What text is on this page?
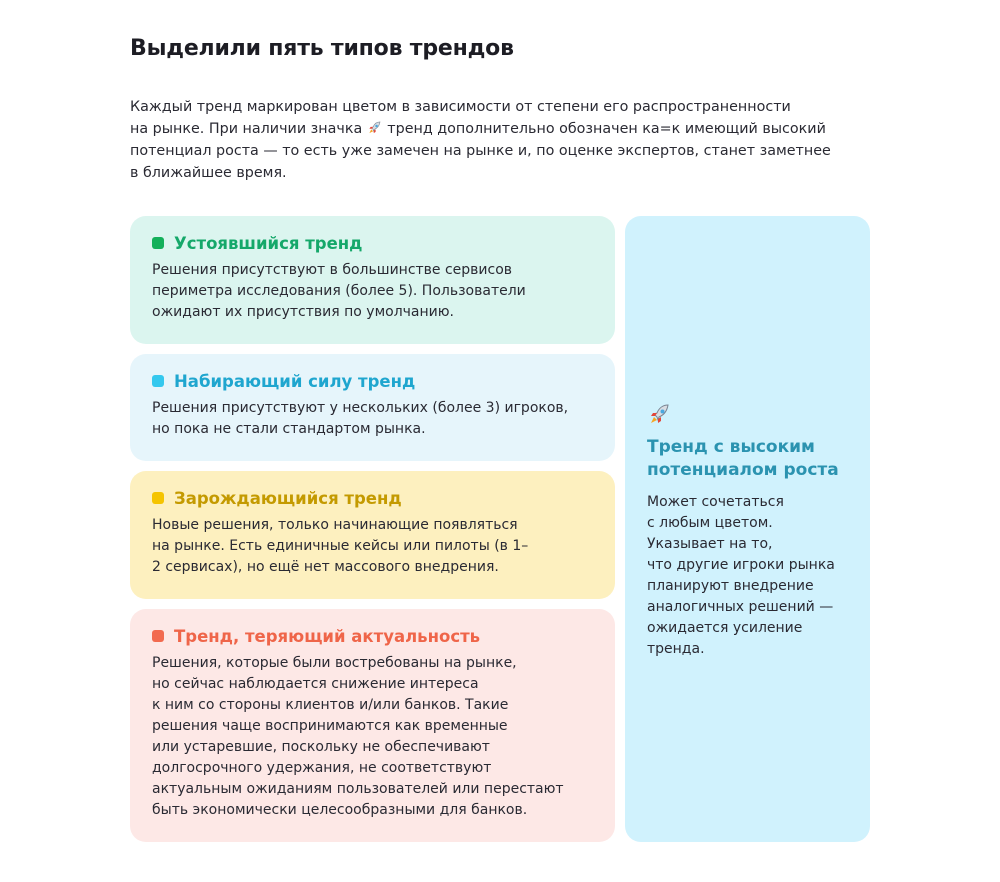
Выделили пять типов трендов

Каждый тренд маркирован цветом в зависимости от степени его распространенности
на рынке. При наличии значка  тренд дополнительно обозначен ка=к имеющий высокий
потенциал роста — то есть уже замечен на рынке и, по оценке экспертов, станет заметнее
в ближайшее время.

Устоявшийся тренд
Решения присутствуют в большинстве сервисов
периметра исследования (более 5). Пользователи
ожидают их присутствия по умолчанию.
Набирающий силу тренд
Решения присутствуют у нескольких (более 3) игроков,
но пока не стали стандартом рынка.
Зарождающийся тренд
Новые решения, только начинающие появляться
на рынке. Есть единичные кейсы или пилоты (в 1–
2 сервисах), но ещё нет массового внедрения.
Тренд, теряющий актуальность
Решения, которые были востребованы на рынке,
но сейчас наблюдается снижение интереса
к ним со стороны клиентов и/или банков. Такие
решения чаще воспринимаются как временные
или устаревшие, поскольку не обеспечивают
долгосрочного удержания, не соответствуют
актуальным ожиданиям пользователей или перестают
быть экономически целесообразными для банков.
Тренд с высоким
потенциалом роста
Может сочетаться
с любым цветом.
Указывает на то,
что другие игроки рынка
планируют внедрение
аналогичных решений —
ожидается усиление
тренда.
